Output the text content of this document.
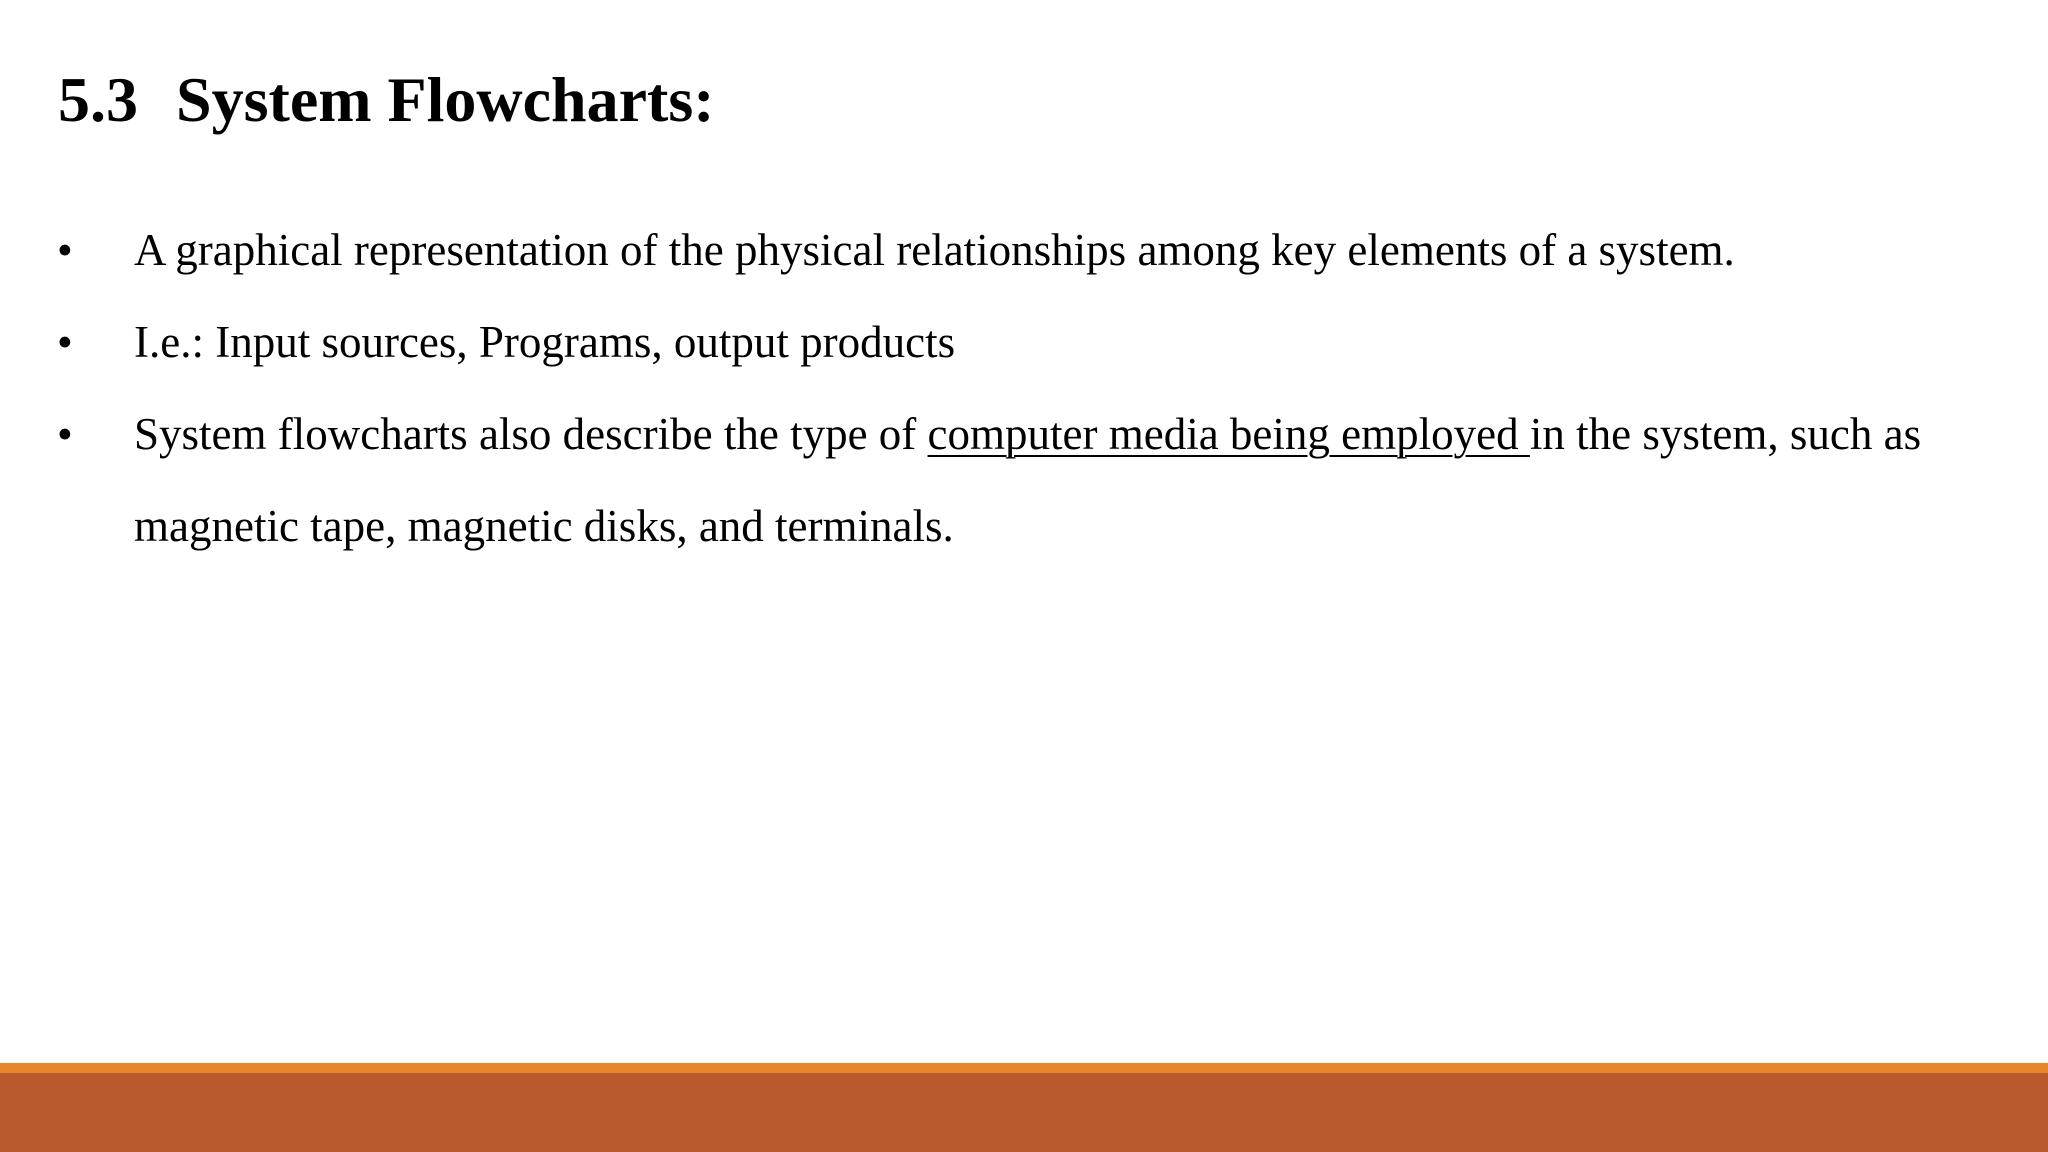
5.3 System Flowcharts:
• A graphical representation of the physical relationships among key elements of a system.
• I.e.: Input sources, Programs, output products
• System flowcharts also describe the type of computer media being employed in the system, such as magnetic tape, magnetic disks, and terminals.
